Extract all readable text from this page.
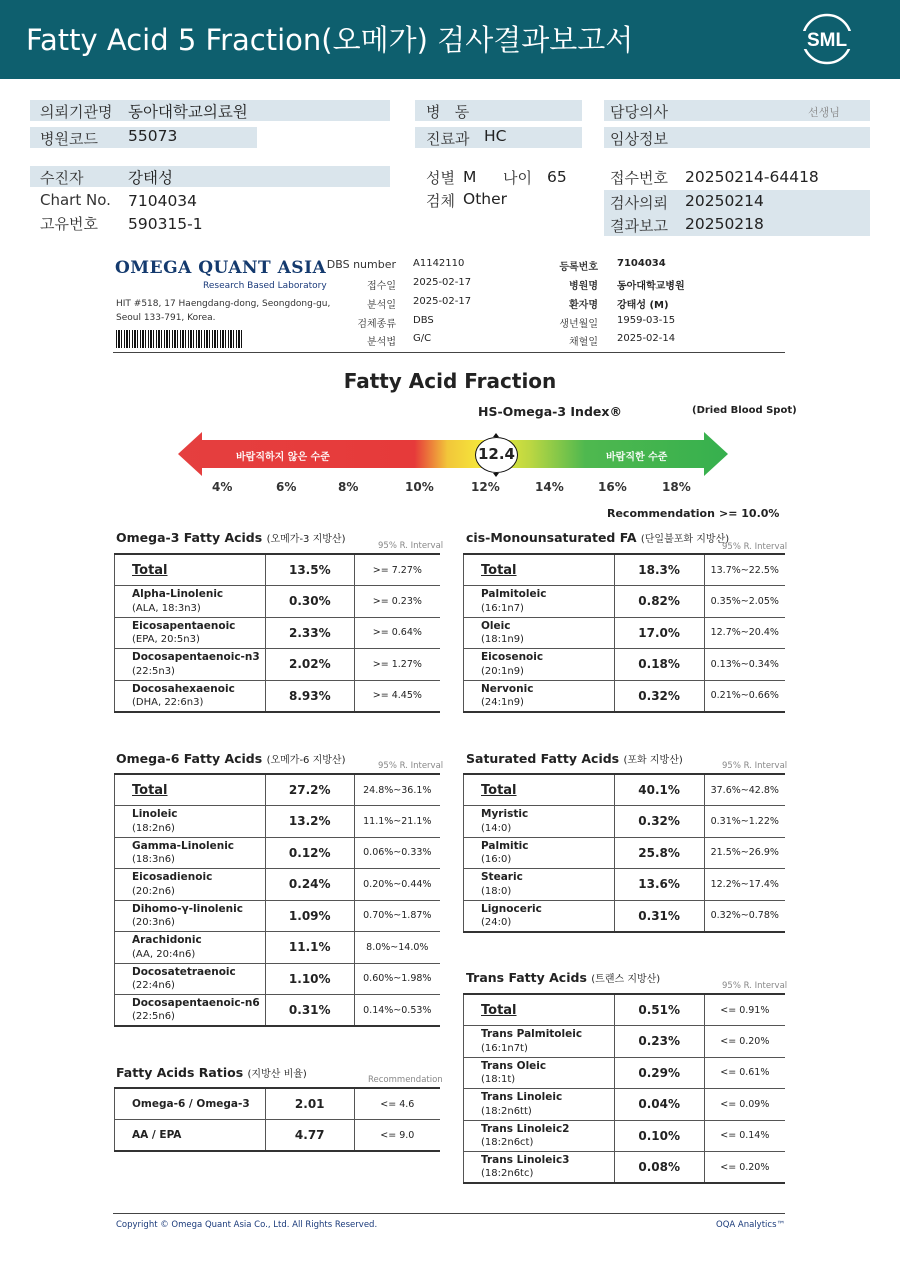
Fatty Acid 5 Fraction(오메가) 검사결과보고서	SML
의뢰기관명 동아대학교의료원
병원코드 55073
병   동
진료과 HC
담당의사	선생님
임상정보
수진자	강태성
Chart No. 7104034
고유번호 590315-1
성별 M 나이 65
검체 Other
접수번호 20250214-64418
검사의뢰 20250214
결과보고 20250218
OMEGA QUANT ASIA
Research Based Laboratory
HIT #518, 17 Haengdang-dong, Seongdong-gu,
Seoul 133-791, Korea.
DBS number A1142110
접수일 2025-02-17
분석일 2025-02-17
검체종류 DBS
분석법 G/C
등록번호 7104034
병원명 동아대학교병원
환자명 강태성 (M)
생년월일 1959-03-15
채혈일 2025-02-14
Fatty Acid Fraction
HS-Omega-3 Index®	(Dried Blood Spot)
바람직하지 않은 수준	바람직한 수준
12.4
4%	6%	8%	10%	12%	14%	16%	18%
Recommendation >= 10.0%
Omega-3 Fatty Acids (오메가-3 지방산)
95% R. Interval
cis-Monounsaturated FA (단일불포화 지방산)
95% R. Interval
Omega-6 Fatty Acids (오메가-6 지방산)	95% R. Interval Saturated Fatty Acids (포화 지방산)	95% R. Interval
Trans Fatty Acids (트랜스 지방산)
95% R. Interval
Fatty Acids Ratios (지방산 비율)	Recommendation
Total	13.5%	>= 7.27%
Alpha-Linolenic
(ALA, 18:3n3)	0.30%	>= 0.23%
Eicosapentaenoic
(EPA, 20:5n3)	2.33%	>= 0.64%
Docosapentaenoic-n3
(22:5n3)	2.02%	>= 1.27%
Docosahexaenoic
(DHA, 22:6n3)	8.93%	>= 4.45%
Total	18.3%	13.7%~22.5%
Palmitoleic
(16:1n7)	0.82%	0.35%~2.05%
Oleic
(18:1n9)	17.0%	12.7%~20.4%
Eicosenoic
(20:1n9)	0.18%	0.13%~0.34%
Nervonic
(24:1n9)	0.32%	0.21%~0.66%
Total	27.2%	24.8%~36.1%
Linoleic
(18:2n6)	13.2%	11.1%~21.1%
Gamma-Linolenic
(18:3n6)	0.12%	0.06%~0.33%
Eicosadienoic
(20:2n6)	0.24%	0.20%~0.44%
Dihomo-γ-linolenic
(20:3n6)	1.09%	0.70%~1.87%
Arachidonic
(AA, 20:4n6)	11.1%	8.0%~14.0%
Docosatetraenoic
(22:4n6)	1.10%	0.60%~1.98%
Docosapentaenoic-n6
(22:5n6)	0.31%	0.14%~0.53%
Total	40.1%	37.6%~42.8%
Myristic
(14:0)	0.32%	0.31%~1.22%
Palmitic
(16:0)	25.8%	21.5%~26.9%
Stearic
(18:0)	13.6%	12.2%~17.4%
Lignoceric
(24:0)	0.31%	0.32%~0.78%
Total	0.51%	<= 0.91%
Trans Palmitoleic
(16:1n7t)	0.23%	<= 0.20%
Trans Oleic
(18:1t)	0.29%	<= 0.61%
Trans Linoleic
(18:2n6tt)	0.04%	<= 0.09%
Trans Linoleic2
(18:2n6ct)	0.10%	<= 0.14%
Trans Linoleic3
(18:2n6tc)	0.08%	<= 0.20%
Omega-6 / Omega-3	2.01	<= 4.6
AA / EPA	4.77	<= 9.0
Copyright © Omega Quant Asia Co., Ltd. All Rights Reserved.	OQA Analytics™
